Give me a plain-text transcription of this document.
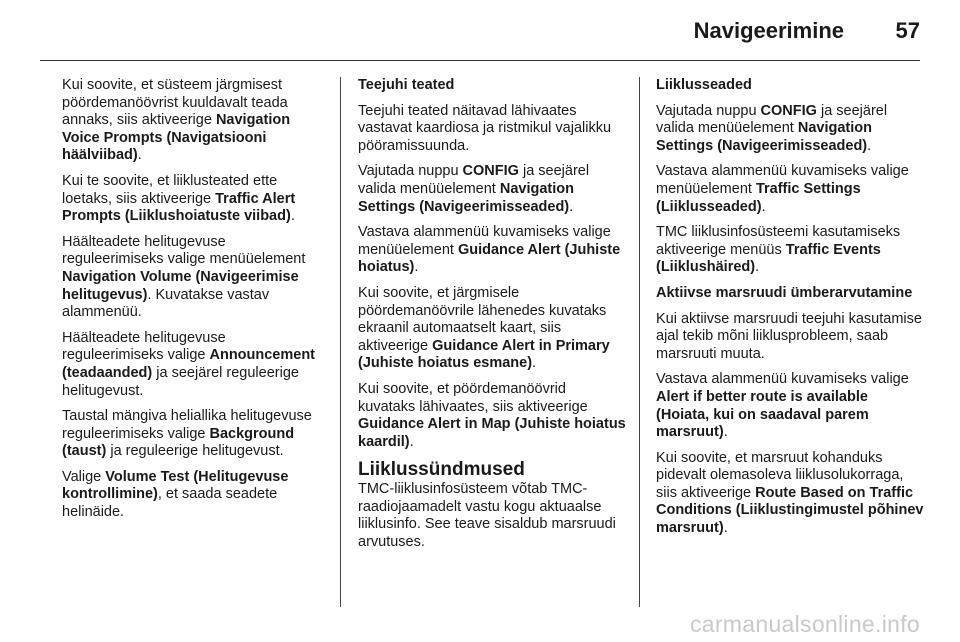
Navigeerimine 57

Kui soovite, et süsteem järgmisest pöördemanöövrist kuuldavalt teada annaks, siis aktiveerige Navigation Voice Prompts (Navigatsiooni häälviibad).

Kui te soovite, et liiklusteated ette loetaks, siis aktiveerige Traffic Alert Prompts (Liiklushoiatuste viibad).

Häälteadete helitugevuse reguleerimiseks valige menüüelement Navigation Volume (Navigeerimise helitugevus). Kuvatakse vastav alammenüü.

Häälteadete helitugevuse reguleerimiseks valige Announcement (teadaanded) ja seejärel reguleerige helitugevust.

Taustal mängiva heliallika helitugevuse reguleerimiseks valige Background (taust) ja reguleerige helitugevust.

Valige Volume Test (Helitugevuse kontrollimine), et saada seadete helinäide.

Teejuhi teated

Teejuhi teated näitavad lähivaates vastavat kaardiosa ja ristmikul vajalikku pööramissuunda.

Vajutada nuppu CONFIG ja seejärel valida menüüelement Navigation Settings (Navigeerimisseaded).

Vastava alammenüü kuvamiseks valige menüüelement Guidance Alert (Juhiste hoiatus).

Kui soovite, et järgmisele pöördemanöövrile lähenedes kuvataks ekraanil automaatselt kaart, siis aktiveerige Guidance Alert in Primary (Juhiste hoiatus esmane).

Kui soovite, et pöördemanöövrid kuvataks lähivaates, siis aktiveerige Guidance Alert in Map (Juhiste hoiatus kaardil).

Liiklussündmused

TMC-liiklusinfosüsteem võtab TMC-raadiojaamadelt vastu kogu aktuaalse liiklusinfo. See teave sisaldub marsruudi arvutuses.

Liiklusseaded

Vajutada nuppu CONFIG ja seejärel valida menüüelement Navigation Settings (Navigeerimisseaded).

Vastava alammenüü kuvamiseks valige menüüelement Traffic Settings (Liiklusseaded).

TMC liiklusinfosüsteemi kasutamiseks aktiveerige menüüs Traffic Events (Liiklushäired).

Aktiivse marsruudi ümberarvutamine

Kui aktiivse marsruudi teejuhi kasutamise ajal tekib mõni liiklusprobleem, saab marsruuti muuta.

Vastava alammenüü kuvamiseks valige Alert if better route is available (Hoiata, kui on saadaval parem marsruut).

Kui soovite, et marsruut kohanduks pidevalt olemasoleva liiklusolukorraga, siis aktiveerige Route Based on Traffic Conditions (Liiklustingimustel põhinev marsruut).

carmanualsonline.info
